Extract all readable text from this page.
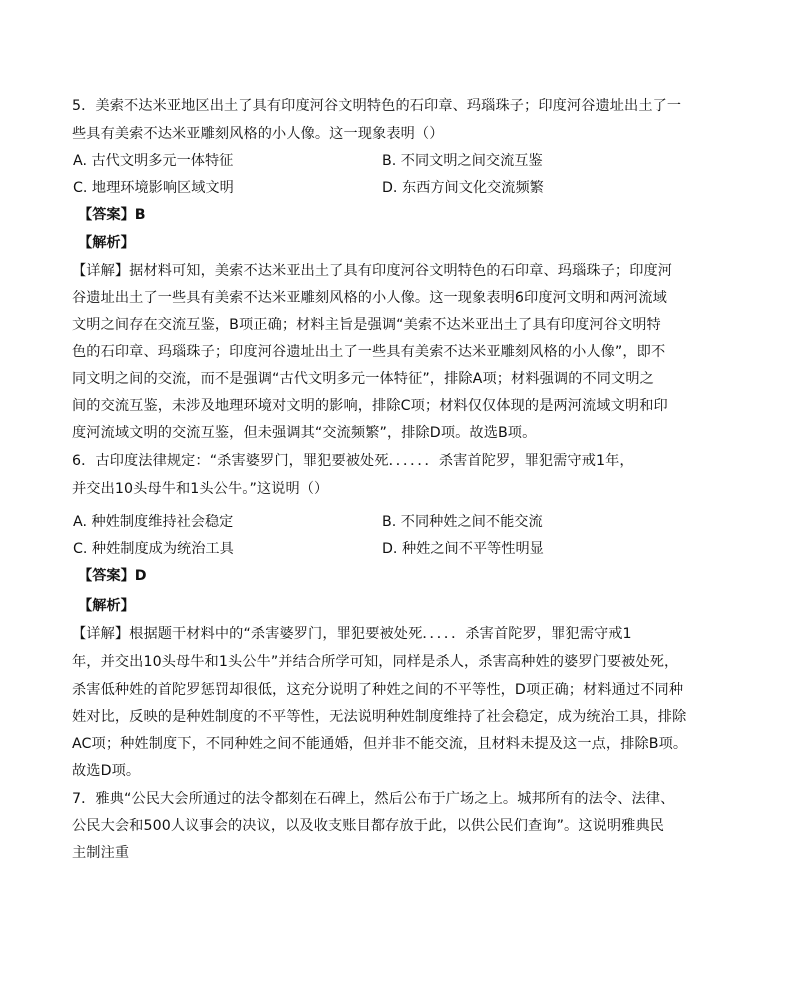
5．美索不达米亚地区出土了具有印度河谷文明特色的石印章、玛瑙珠子；印度河谷遗址出土了一
些具有美索不达米亚雕刻风格的小人像。这一现象表明（）
A. 古代文明多元一体特征	B. 不同文明之间交流互鉴
C. 地理环境影响区域文明	D. 东西方间文化交流频繁
【答案】B
【解析】
【详解】据材料可知，美索不达米亚出土了具有印度河谷文明特色的石印章、玛瑙珠子；印度河
谷遗址出土了一些具有美索不达米亚雕刻风格的小人像。这一现象表明6印度河文明和两河流域
文明之间存在交流互鉴，B项正确；材料主旨是强调“美索不达米亚出土了具有印度河谷文明特
色的石印章、玛瑙珠子；印度河谷遗址出土了一些具有美索不达米亚雕刻风格的小人像”，即不
同文明之间的交流，而不是强调“古代文明多元一体特征”，排除A项；材料强调的不同文明之
间的交流互鉴，未涉及地理环境对文明的影响，排除C项；材料仅仅体现的是两河流域文明和印
度河流域文明的交流互鉴，但未强调其“交流频繁”，排除D项。故选B项。
6．古印度法律规定：“杀害婆罗门，罪犯要被处死．．．．．．杀害首陀罗，罪犯需守戒1年，
并交出10头母牛和1头公牛。”这说明（）
A. 种姓制度维持社会稳定	B. 不同种姓之间不能交流
C. 种姓制度成为统治工具	D. 种姓之间不平等性明显
【答案】D
【解析】
【详解】根据题干材料中的“杀害婆罗门，罪犯要被处死．．．．．杀害首陀罗，罪犯需守戒1
年，并交出10头母牛和1头公牛”并结合所学可知，同样是杀人，杀害高种姓的婆罗门要被处死，
杀害低种姓的首陀罗惩罚却很低，这充分说明了种姓之间的不平等性，D项正确；材料通过不同种
姓对比，反映的是种姓制度的不平等性，无法说明种姓制度维持了社会稳定，成为统治工具，排除
AC项；种姓制度下，不同种姓之间不能通婚，但并非不能交流，且材料未提及这一点，排除B项。
故选D项。
7．雅典“公民大会所通过的法令都刻在石碑上，然后公布于广场之上。城邦所有的法令、法律、
公民大会和500人议事会的决议，以及收支账目都存放于此，以供公民们查询”。这说明雅典民
主制注重
